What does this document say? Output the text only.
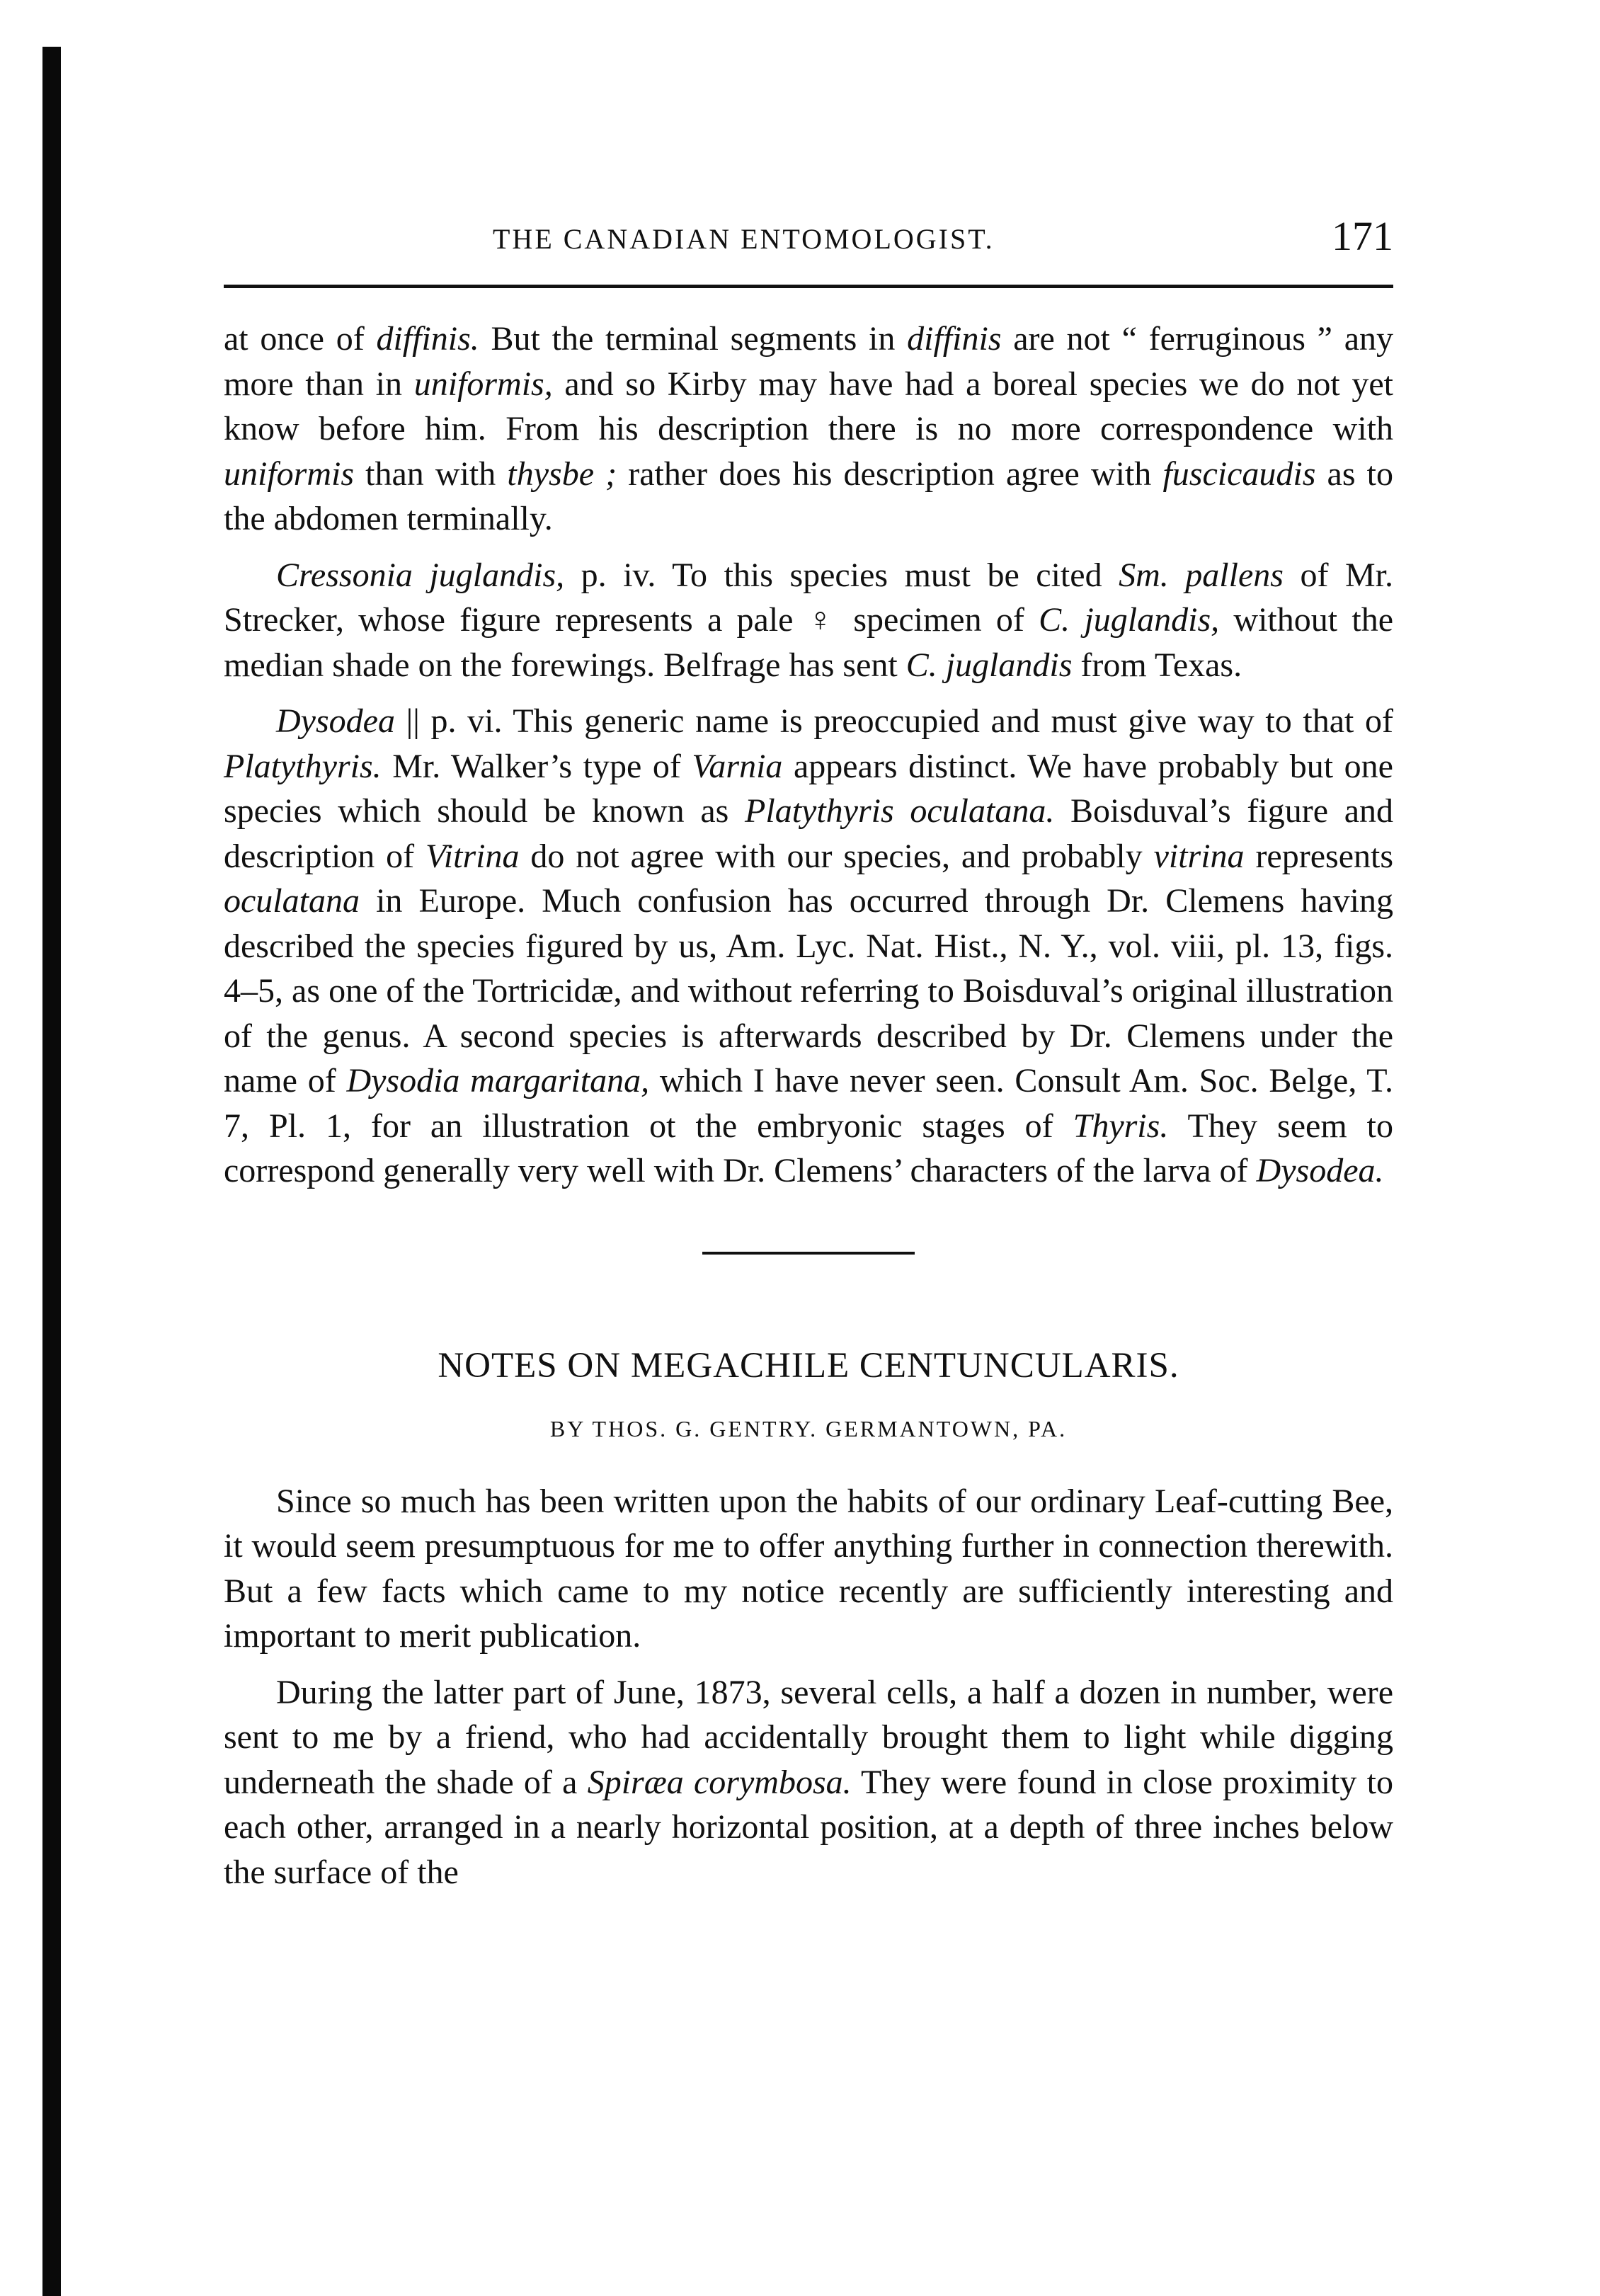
THE CANADIAN ENTOMOLOGIST.	171

at once of diffinis. But the terminal segments in diffinis are not “ ferruginous ” any more than in uniformis, and so Kirby may have had a boreal species we do not yet know before him. From his description there is no more correspondence with uniformis than with thysbe ; rather does his description agree with fuscicaudis as to the abdomen terminally.

Cressonia juglandis, p. iv. To this species must be cited Sm. pallens of Mr. Strecker, whose figure represents a pale ♀ specimen of C. juglandis, without the median shade on the forewings. Belfrage has sent C. juglandis from Texas.

Dysodea || p. vi. This generic name is preoccupied and must give way to that of Platythyris. Mr. Walker’s type of Varnia appears distinct. We have probably but one species which should be known as Platythyris oculatana. Boisduval’s figure and description of Vitrina do not agree with our species, and probably vitrina represents oculatana in Europe. Much confusion has occurred through Dr. Clemens having described the species figured by us, Am. Lyc. Nat. Hist., N. Y., vol. viii, pl. 13, figs. 4–5, as one of the Tortricidæ, and without referring to Boisduval’s original illustration of the genus. A second species is afterwards described by Dr. Clemens under the name of Dysodia margaritana, which I have never seen. Consult Am. Soc. Belge, T. 7, Pl. 1, for an illustration ot the embryonic stages of Thyris. They seem to correspond generally very well with Dr. Clemens’ characters of the larva of Dysodea.

NOTES ON MEGACHILE CENTUNCULARIS.
BY THOS. G. GENTRY. GERMANTOWN, PA.

Since so much has been written upon the habits of our ordinary Leaf-cutting Bee, it would seem presumptuous for me to offer anything further in connection therewith. But a few facts which came to my notice recently are sufficiently interesting and important to merit publication.

During the latter part of June, 1873, several cells, a half a dozen in number, were sent to me by a friend, who had accidentally brought them to light while digging underneath the shade of a Spiræa corymbosa. They were found in close proximity to each other, arranged in a nearly horizontal position, at a depth of three inches below the surface of the
